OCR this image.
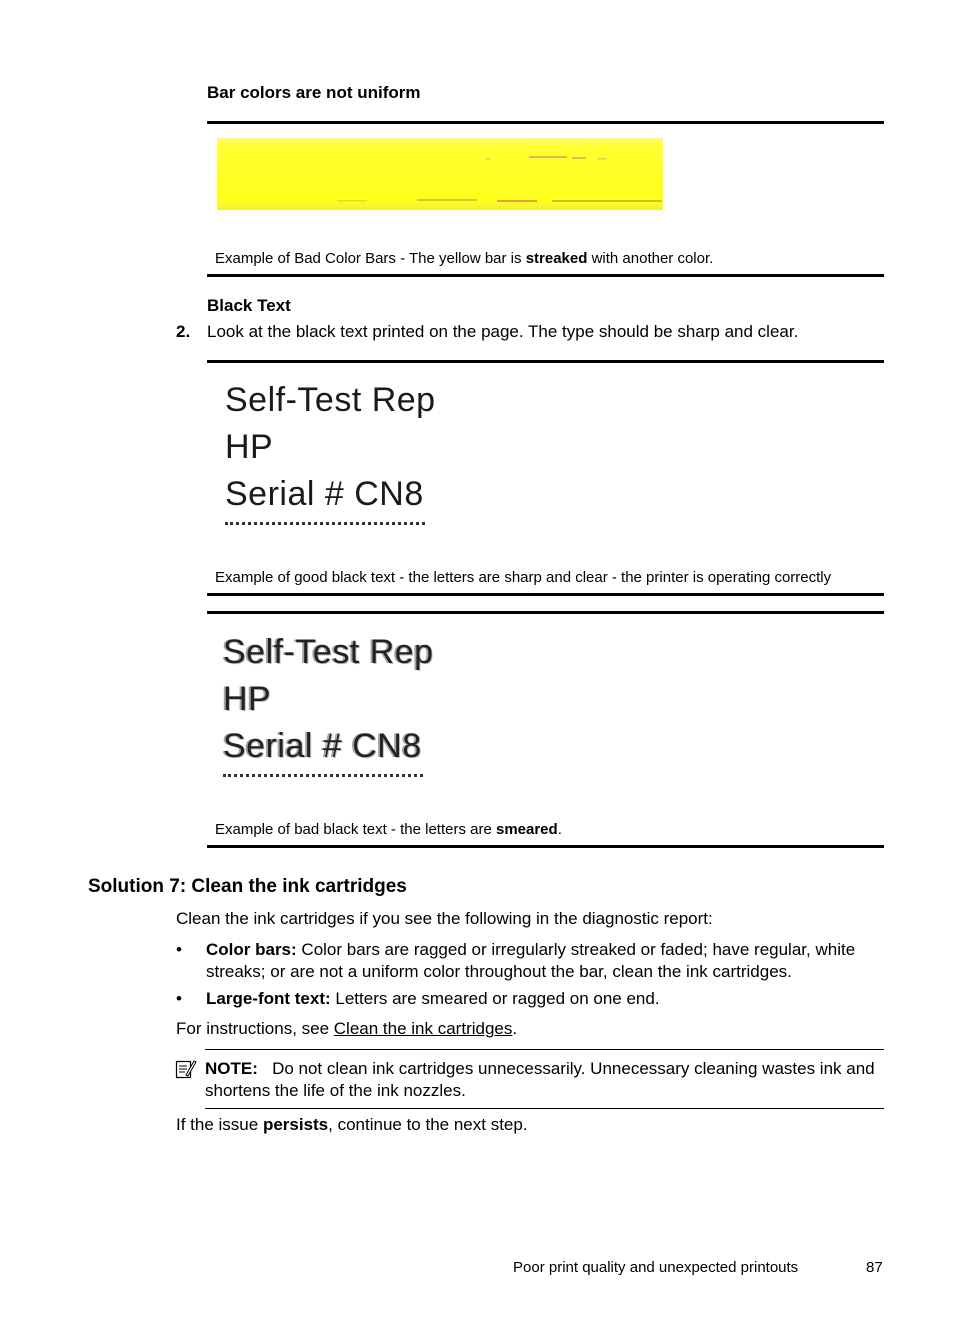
Bar colors are not uniform
Example of Bad Color Bars - The yellow bar is streaked with another color.
Black Text
2. Look at the black text printed on the page. The type should be sharp and clear.
Self-Test Rep
HP
Serial # CN8
Example of good black text - the letters are sharp and clear - the printer is operating correctly
Self-Test Rep
HP
Serial # CN8
Example of bad black text - the letters are smeared.
Solution 7: Clean the ink cartridges
Clean the ink cartridges if you see the following in the diagnostic report:
• Color bars: Color bars are ragged or irregularly streaked or faded; have regular, white streaks; or are not a uniform color throughout the bar, clean the ink cartridges.
• Large-font text: Letters are smeared or ragged on one end.
For instructions, see Clean the ink cartridges.
NOTE: Do not clean ink cartridges unnecessarily. Unnecessary cleaning wastes ink and shortens the life of the ink nozzles.
If the issue persists, continue to the next step.
Poor print quality and unexpected printouts	87
